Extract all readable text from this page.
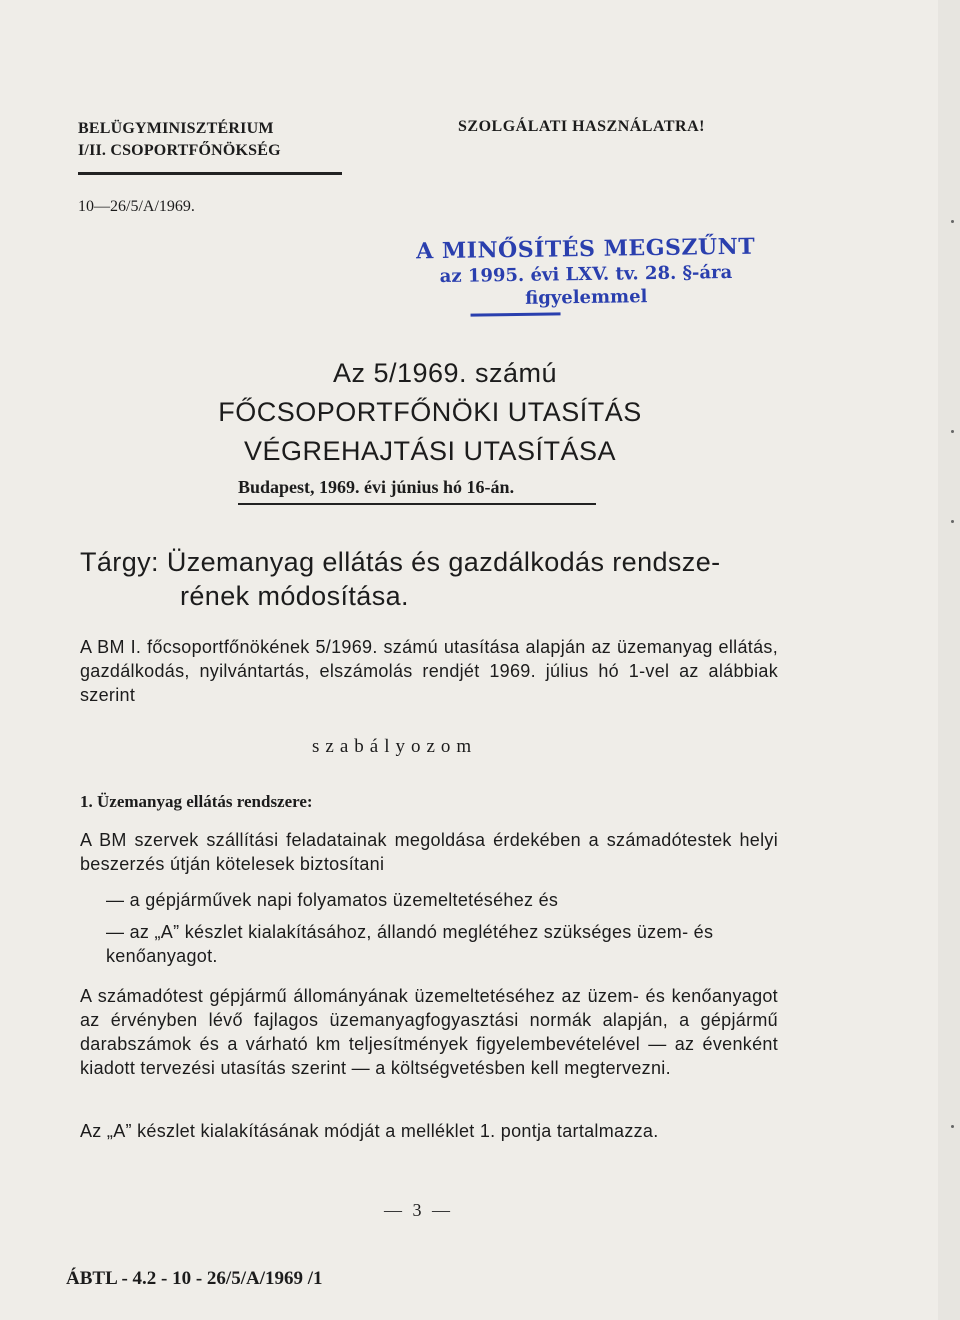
BELÜGYMINISZTÉRIUM
I/II. CSOPORTFŐNÖKSÉG
SZOLGÁLATI HASZNÁLATRA!
10—26/5/A/1969.
A MINŐSÍTÉS MEGSZŰNT
az 1995. évi LXV. tv. 28. §-ára
figyelemmel
Az 5/1969. számú
FŐCSOPORTFŐNÖKI UTASÍTÁS
VÉGREHAJTÁSI UTASÍTÁSA
Budapest, 1969. évi június hó 16-án.
Tárgy: Üzemanyag ellátás és gazdálkodás rendsze-
rének módosítása.
A BM I. főcsoportfőnökének 5/1969. számú utasítása alapján az üzemanyag ellátás, gazdálkodás, nyilvántartás, elszámolás rendjét 1969. július hó 1-vel az alábbiak szerint
szabályozom
1. Üzemanyag ellátás rendszere:
A BM szervek szállítási feladatainak megoldása érdekében a számadótestek helyi beszerzés útján kötelesek biztosítani
— a gépjárművek napi folyamatos üzemeltetéséhez és
— az „A” készlet kialakításához, állandó meglétéhez szükséges üzem- és kenőanyagot.
A számadótest gépjármű állományának üzemeltetéséhez az üzem- és kenőanyagot az érvényben lévő fajlagos üzemanyagfogyasztási normák alapján, a gépjármű darabszámok és a várható km teljesítmények figyelembevételével — az évenként kiadott tervezési utasítás szerint — a költségvetésben kell megtervezni.
Az „A” készlet kialakításának módját a melléklet 1. pontja tartalmazza.
— 3 —
ÁBTL - 4.2 - 10 - 26/5/A/1969 /1
